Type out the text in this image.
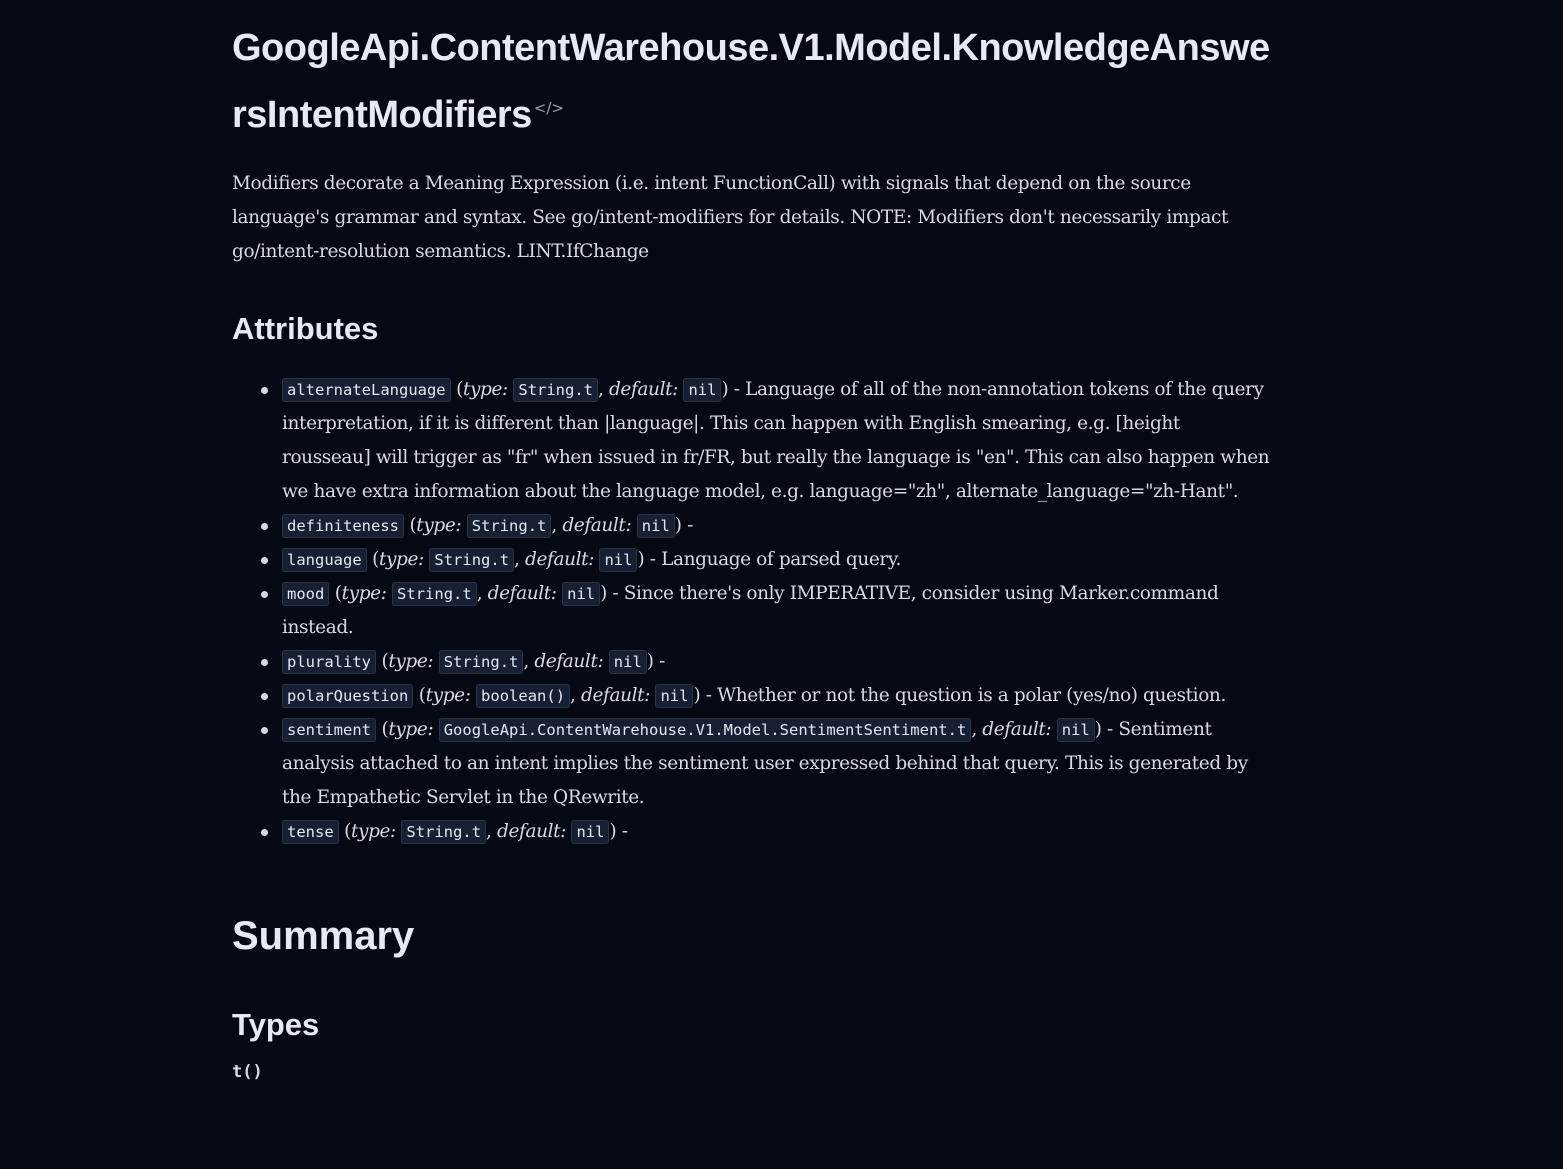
GoogleApi.ContentWarehouse.V1.Model.KnowledgeAnswersIntentModifiers </>

Modifiers decorate a Meaning Expression (i.e. intent FunctionCall) with signals that depend on the source language's grammar and syntax. See go/intent-modifiers for details. NOTE: Modifiers don't necessarily impact go/intent-resolution semantics. LINT.IfChange

Attributes
alternateLanguage (type: String.t , default: nil ) - Language of all of the non-annotation tokens of the query interpretation, if it is different than |language|. This can happen with English smearing, e.g. [height rousseau] will trigger as "fr" when issued in fr/FR, but really the language is "en". This can also happen when we have extra information about the language model, e.g. language="zh", alternate_language="zh-Hant".
definiteness (type: String.t , default: nil ) -
language (type: String.t , default: nil ) - Language of parsed query.
mood (type: String.t , default: nil ) - Since there's only IMPERATIVE, consider using Marker.command instead.
plurality (type: String.t , default: nil ) -
polarQuestion (type: boolean() , default: nil ) - Whether or not the question is a polar (yes/no) question.
sentiment (type: GoogleApi.ContentWarehouse.V1.Model.SentimentSentiment.t , default: nil ) - Sentiment analysis attached to an intent implies the sentiment user expressed behind that query. This is generated by the Empathetic Servlet in the QRewrite.
tense (type: String.t , default: nil ) -
Summary
Types
t()
